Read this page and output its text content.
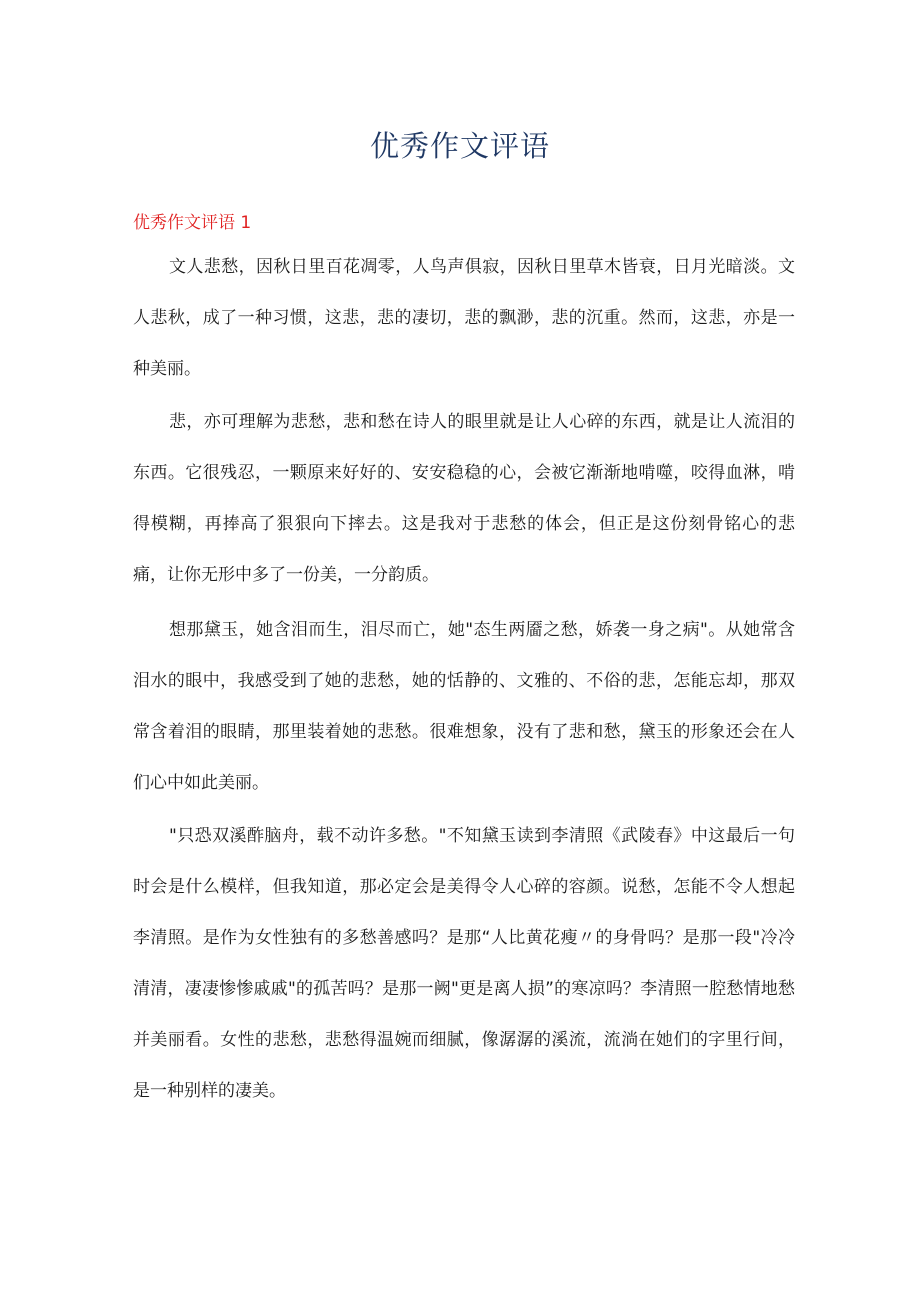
优秀作文评语
优秀作文评语 1

文人悲愁，因秋日里百花凋零，人鸟声俱寂，因秋日里草木皆衰，日月光暗淡。文人悲秋，成了一种习惯，这悲，悲的凄切，悲的飘渺，悲的沉重。然而，这悲，亦是一种美丽。

悲，亦可理解为悲愁，悲和愁在诗人的眼里就是让人心碎的东西，就是让人流泪的东西。它很残忍，一颗原来好好的、安安稳稳的心，会被它渐渐地啃噬，咬得血淋，啃得模糊，再捧高了狠狠向下摔去。这是我对于悲愁的体会，但正是这份刻骨铭心的悲痛，让你无形中多了一份美，一分韵质。

想那黛玉，她含泪而生，泪尽而亡，她"态生两靥之愁，娇袭一身之病"。从她常含泪水的眼中，我感受到了她的悲愁，她的恬静的、文雅的、不俗的悲，怎能忘却，那双常含着泪的眼睛，那里装着她的悲愁。很难想象，没有了悲和愁，黛玉的形象还会在人们心中如此美丽。

"只恐双溪酢脑舟，载不动许多愁。"不知黛玉读到李清照《武陵春》中这最后一句时会是什么模样，但我知道，那必定会是美得令人心碎的容颜。说愁，怎能不令人想起李清照。是作为女性独有的多愁善感吗？是那“人比黄花瘦〃的身骨吗？是那一段"冷冷清清，凄凄惨惨戚戚"的孤苦吗？是那一阙"更是离人损”的寒凉吗？李清照一腔愁情地愁并美丽看。女性的悲愁，悲愁得温婉而细腻，像潺潺的溪流，流淌在她们的字里行间，是一种别样的凄美。
